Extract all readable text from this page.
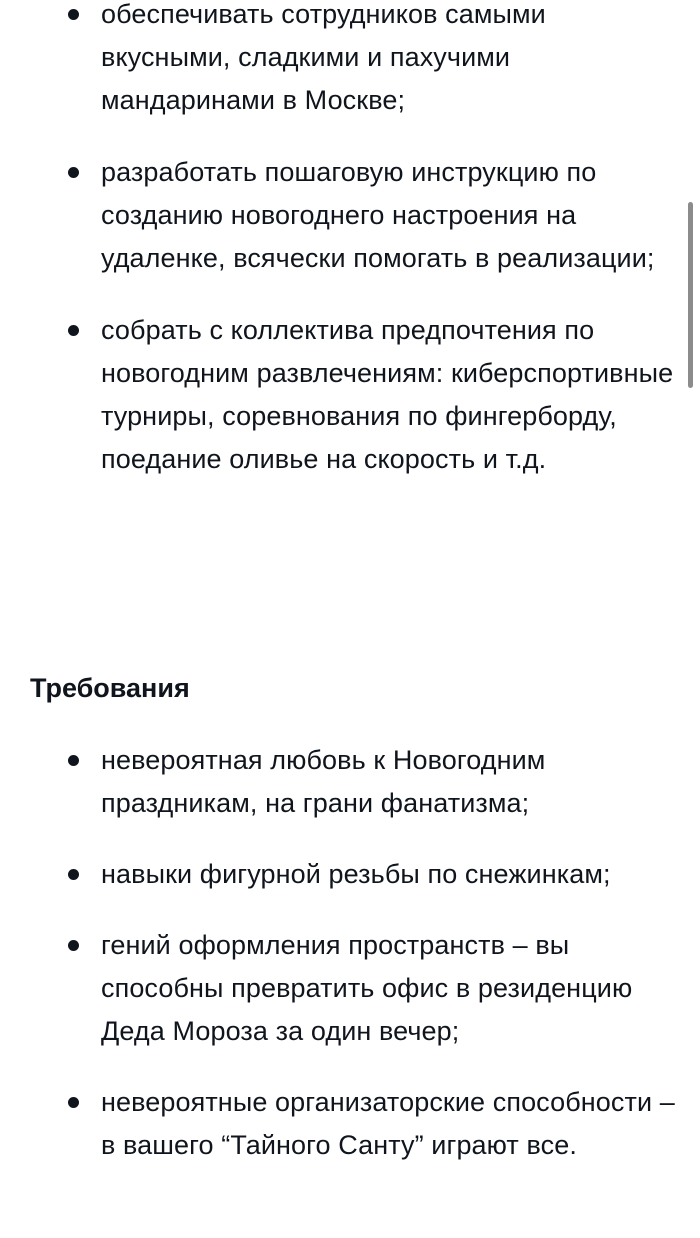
обеспечивать сотрудников самыми вкусными, сладкими и пахучими мандаринами в Москве;
разработать пошаговую инструкцию по созданию новогоднего настроения на удаленке, всячески помогать в реализации;
собрать с коллектива предпочтения по новогодним развлечениям: киберспортивные турниры, соревнования по фингерборду, поедание оливье на скорость и т.д.
Требования
невероятная любовь к Новогодним праздникам, на грани фанатизма;
навыки фигурной резьбы по снежинкам;
гений оформления пространств – вы способны превратить офис в резиденцию Деда Мороза за один вечер;
невероятные организаторские способности – в вашего “Тайного Санту” играют все.
